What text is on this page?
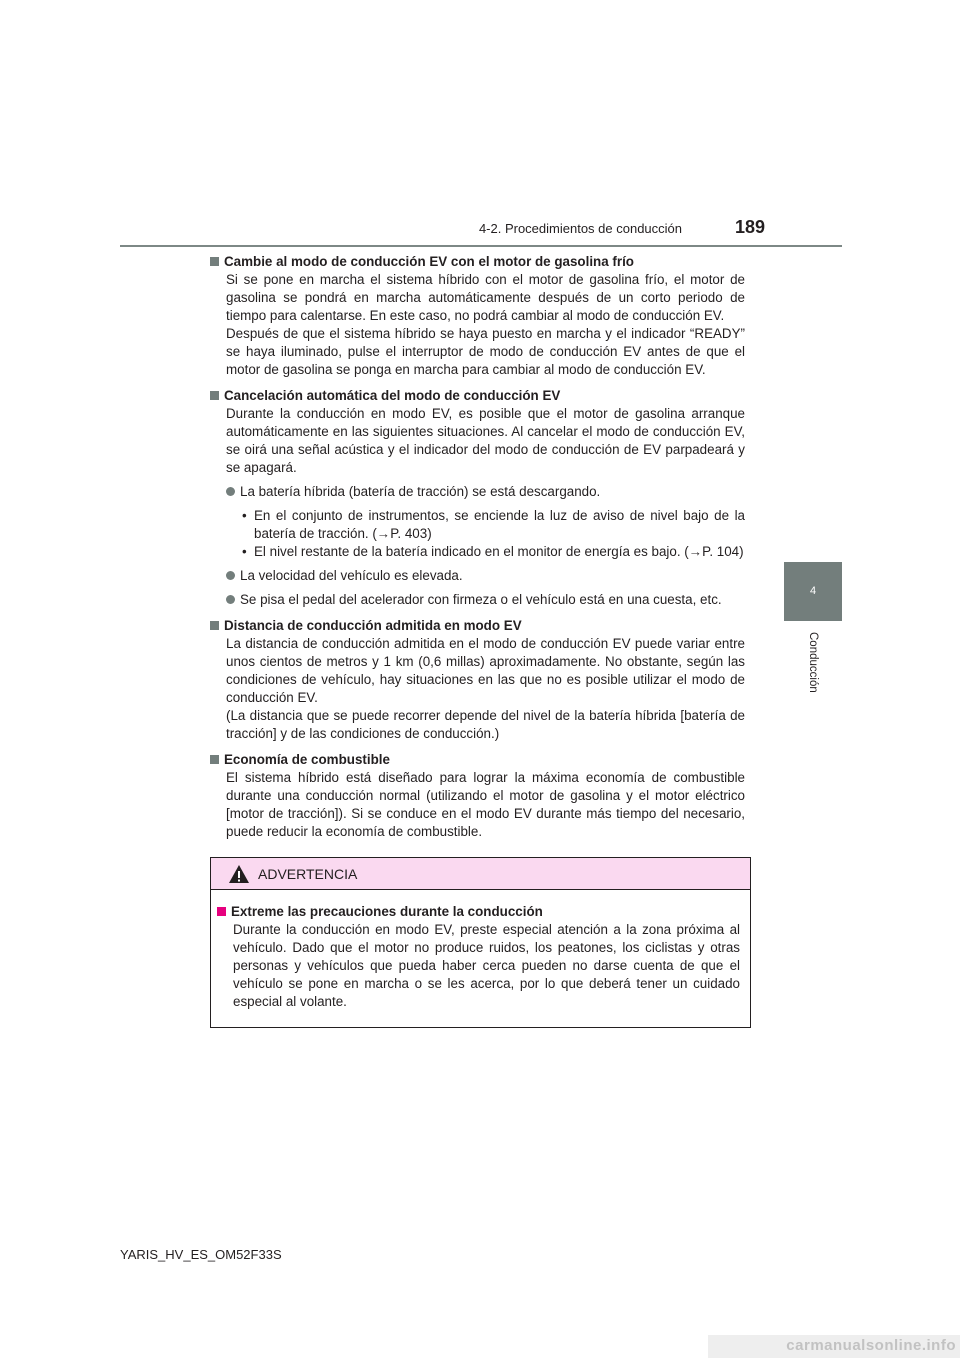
4-2. Procedimientos de conducción	189
4
Conducción
Cambie al modo de conducción EV con el motor de gasolina frío
Si se pone en marcha el sistema híbrido con el motor de gasolina frío, el motor de gasolina se pondrá en marcha automáticamente después de un corto periodo de tiempo para calentarse. En este caso, no podrá cambiar al modo de conducción EV.
Después de que el sistema híbrido se haya puesto en marcha y el indicador “READY” se haya iluminado, pulse el interruptor de modo de conducción EV antes de que el motor de gasolina se ponga en marcha para cambiar al modo de conducción EV.
Cancelación automática del modo de conducción EV
Durante la conducción en modo EV, es posible que el motor de gasolina arranque automáticamente en las siguientes situaciones. Al cancelar el modo de conducción EV, se oirá una señal acústica y el indicador del modo de conducción de EV parpadeará y se apagará.
La batería híbrida (batería de tracción) se está descargando.
• En el conjunto de instrumentos, se enciende la luz de aviso de nivel bajo de la batería de tracción. (→P. 403)
• El nivel restante de la batería indicado en el monitor de energía es bajo. (→P. 104)
La velocidad del vehículo es elevada.
Se pisa el pedal del acelerador con firmeza o el vehículo está en una cuesta, etc.
Distancia de conducción admitida en modo EV
La distancia de conducción admitida en el modo de conducción EV puede variar entre unos cientos de metros y 1 km (0,6 millas) aproximadamente. No obstante, según las condiciones de vehículo, hay situaciones en las que no es posible utilizar el modo de conducción EV.
(La distancia que se puede recorrer depende del nivel de la batería híbrida [batería de tracción] y de las condiciones de conducción.)
Economía de combustible
El sistema híbrido está diseñado para lograr la máxima economía de combustible durante una conducción normal (utilizando el motor de gasolina y el motor eléctrico [motor de tracción]). Si se conduce en el modo EV durante más tiempo del necesario, puede reducir la economía de combustible.
ADVERTENCIA
Extreme las precauciones durante la conducción
Durante la conducción en modo EV, preste especial atención a la zona próxima al vehículo. Dado que el motor no produce ruidos, los peatones, los ciclistas y otras personas y vehículos que pueda haber cerca pueden no darse cuenta de que el vehículo se pone en marcha o se les acerca, por lo que deberá tener un cuidado especial al volante.
YARIS_HV_ES_OM52F33S
carmanualsonline.info
